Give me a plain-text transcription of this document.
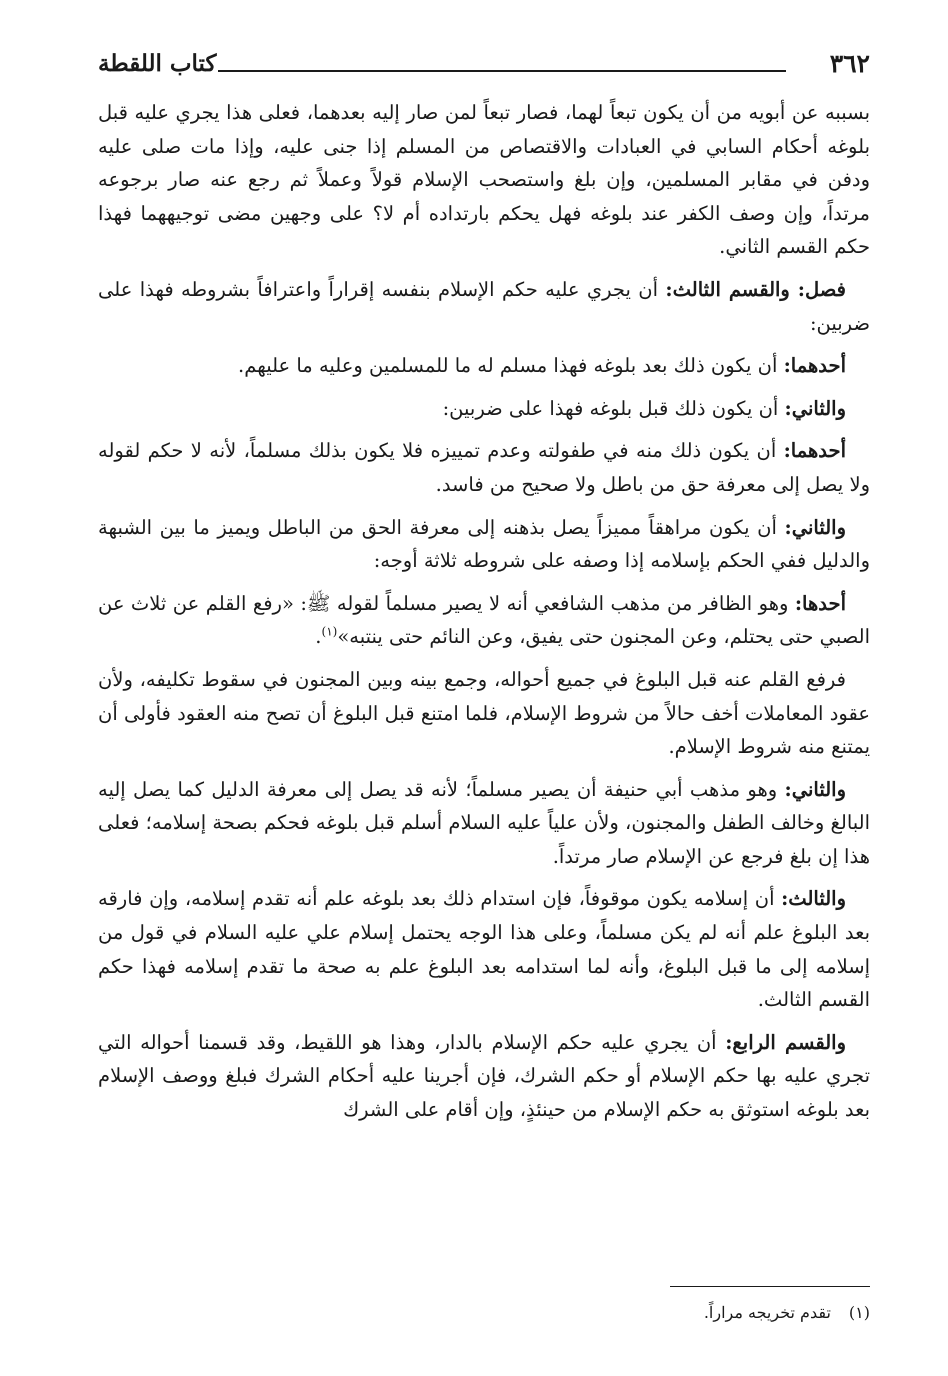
٣٦٢
كتاب اللقطة

بسببه عن أبويه من أن يكون تبعاً لهما، فصار تبعاً لمن صار إليه بعدهما، فعلى هذا يجري عليه قبل بلوغه أحكام السابي في العبادات والاقتصاص من المسلم إذا جنى عليه، وإذا مات صلى عليه ودفن في مقابر المسلمين، وإن بلغ واستصحب الإسلام قولاً وعملاً ثم رجع عنه صار برجوعه مرتداً، وإن وصف الكفر عند بلوغه فهل يحكم بارتداده أم لا؟ على وجهين مضى توجيههما فهذا حكم القسم الثاني.

فصل: والقسم الثالث: أن يجري عليه حكم الإسلام بنفسه إقراراً واعترافاً بشروطه فهذا على ضربين:

أحدهما: أن يكون ذلك بعد بلوغه فهذا مسلم له ما للمسلمين وعليه ما عليهم.

والثاني: أن يكون ذلك قبل بلوغه فهذا على ضربين:

أحدهما: أن يكون ذلك منه في طفولته وعدم تمييزه فلا يكون بذلك مسلماً، لأنه لا حكم لقوله ولا يصل إلى معرفة حق من باطل ولا صحيح من فاسد.

والثاني: أن يكون مراهقاً مميزاً يصل بذهنه إلى معرفة الحق من الباطل ويميز ما بين الشبهة والدليل ففي الحكم بإسلامه إذا وصفه على شروطه ثلاثة أوجه:

أحدها: وهو الظافر من مذهب الشافعي أنه لا يصير مسلماً لقوله ﷺ: «رفع القلم عن ثلاث عن الصبي حتى يحتلم، وعن المجنون حتى يفيق، وعن النائم حتى ينتبه»$^{(١)}$.

فرفع القلم عنه قبل البلوغ في جميع أحواله، وجمع بينه وبين المجنون في سقوط تكليفه، ولأن عقود المعاملات أخف حالاً من شروط الإسلام، فلما امتنع قبل البلوغ أن تصح منه العقود فأولى أن يمتنع منه شروط الإسلام.

والثاني: وهو مذهب أبي حنيفة أن يصير مسلماً؛ لأنه قد يصل إلى معرفة الدليل كما يصل إليه البالغ وخالف الطفل والمجنون، ولأن علياً عليه السلام أسلم قبل بلوغه فحكم بصحة إسلامه؛ فعلى هذا إن بلغ فرجع عن الإسلام صار مرتداً.

والثالث: أن إسلامه يكون موقوفاً، فإن استدام ذلك بعد بلوغه علم أنه تقدم إسلامه، وإن فارقه بعد البلوغ علم أنه لم يكن مسلماً، وعلى هذا الوجه يحتمل إسلام علي عليه السلام في قول من إسلامه إلى ما قبل البلوغ، وأنه لما استدامه بعد البلوغ علم به صحة ما تقدم إسلامه فهذا حكم القسم الثالث.

والقسم الرابع: أن يجري عليه حكم الإسلام بالدار، وهذا هو اللقيط، وقد قسمنا أحواله التي تجري عليه بها حكم الإسلام أو حكم الشرك، فإن أجرينا عليه أحكام الشرك فبلغ ووصف الإسلام بعد بلوغه استوثق به حكم الإسلام من حينئذٍ، وإن أقام على الشرك

(١)تقدم تخريجه مراراً.
